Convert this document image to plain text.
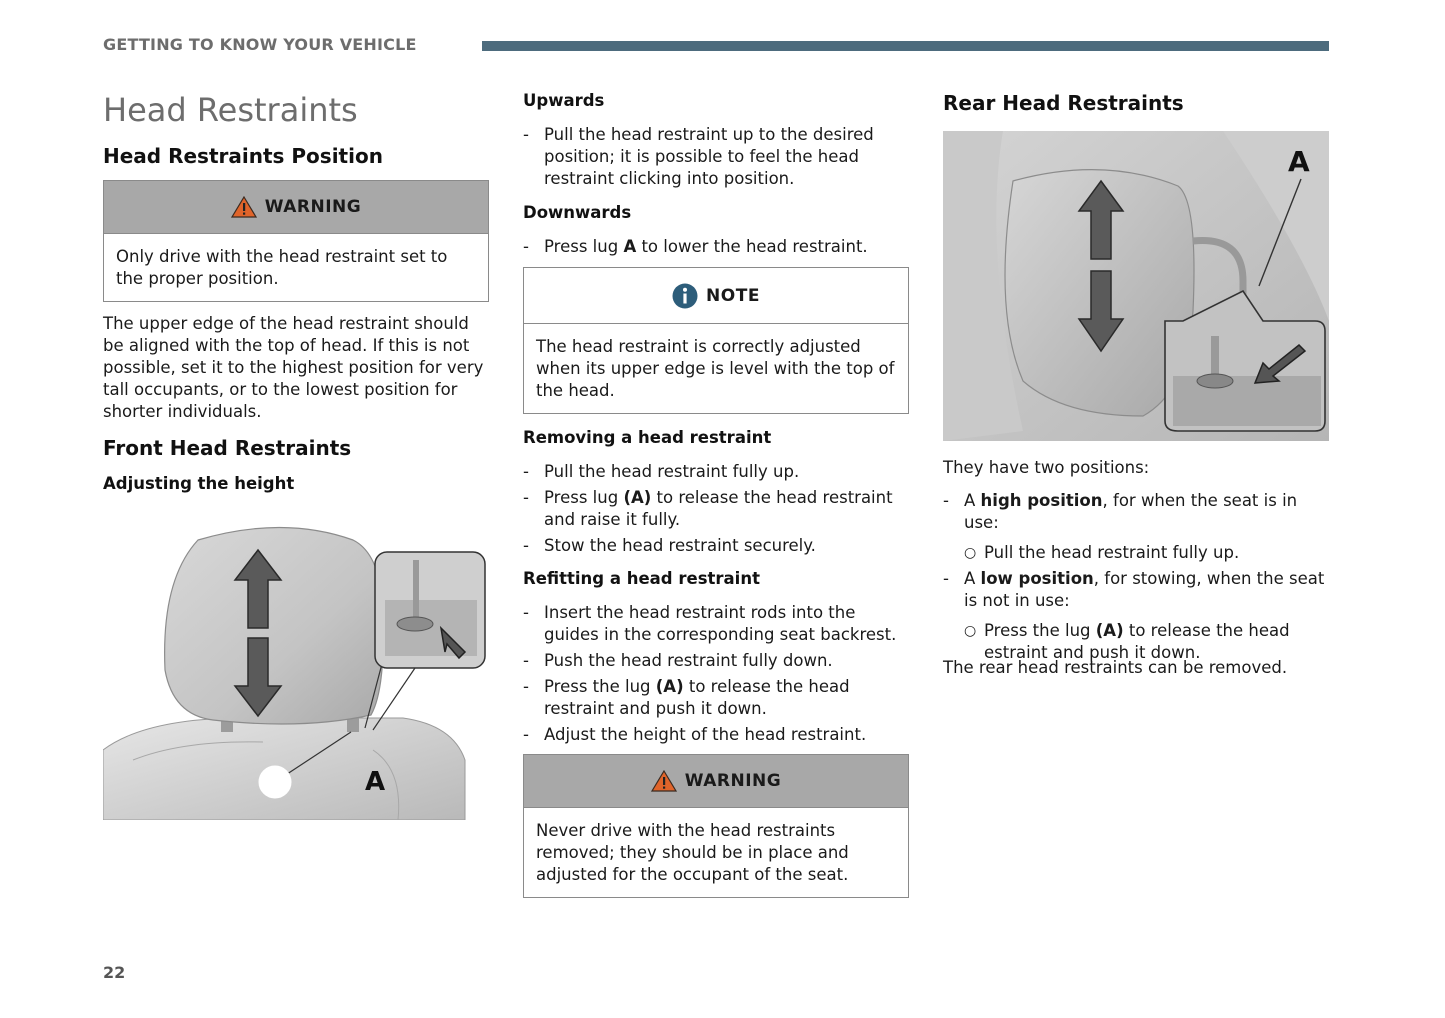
GETTING TO KNOW YOUR VEHICLE
Head Restraints
Head Restraints Position
WARNING
Only drive with the head restraint set to the proper position.

The upper edge of the head restraint should be aligned with the top of head. If this is not possible, set it to the highest position for very tall occupants, or to the lowest position for shorter individuals.

Front Head Restraints
Adjusting the height
A
Upwards
- Pull the head restraint up to the desired position; it is possible to feel the head restraint clicking into position.
Downwards
- Press lug A to lower the head restraint.
NOTE
The head restraint is correctly adjusted when its upper edge is level with the top of the head.
Removing a head restraint
- Pull the head restraint fully up.
- Press lug (A) to release the head restraint and raise it fully.
- Stow the head restraint securely.
Refitting a head restraint
- Insert the head restraint rods into the guides in the corresponding seat backrest.
- Push the head restraint fully down.
- Press the lug (A) to release the head restraint and push it down.
- Adjust the height of the head restraint.
WARNING
Never drive with the head restraints removed; they should be in place and adjusted for the occupant of the seat.
Rear Head Restraints
A

They have two positions:

- A high position, for when the seat is in use:
○ Pull the head restraint fully up.
- A low position, for stowing, when the seat is not in use:
○ Press the lug (A) to release the head estraint and push it down.

The rear head restraints can be removed.

22
